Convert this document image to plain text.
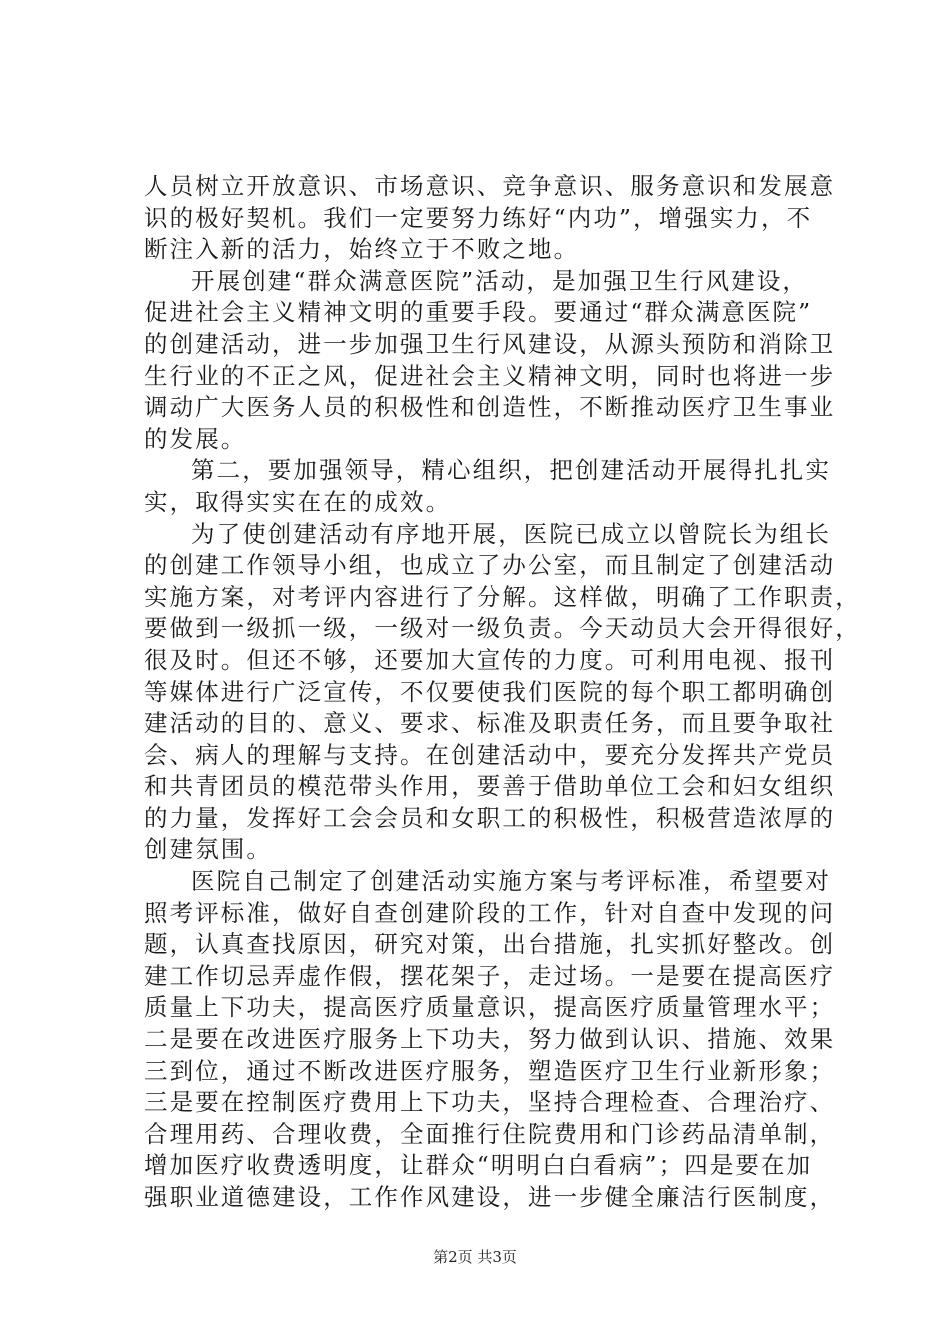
人员树立开放意识、市场意识、竞争意识、服务意识和发展意
识的极好契机。我们一定要努力练好“内功”，增强实力，不
断注入新的活力，始终立于不败之地。
开展创建“群众满意医院”活动，是加强卫生行风建设，
促进社会主义精神文明的重要手段。要通过“群众满意医院”
的创建活动，进一步加强卫生行风建设，从源头预防和消除卫
生行业的不正之风，促进社会主义精神文明，同时也将进一步
调动广大医务人员的积极性和创造性，不断推动医疗卫生事业
的发展。
第二，要加强领导，精心组织，把创建活动开展得扎扎实
实，取得实实在在的成效。
为了使创建活动有序地开展，医院已成立以曾院长为组长
的创建工作领导小组，也成立了办公室，而且制定了创建活动
实施方案，对考评内容进行了分解。这样做，明确了工作职责，
要做到一级抓一级，一级对一级负责。今天动员大会开得很好，
很及时。但还不够，还要加大宣传的力度。可利用电视、报刊
等媒体进行广泛宣传，不仅要使我们医院的每个职工都明确创
建活动的目的、意义、要求、标准及职责任务，而且要争取社
会、病人的理解与支持。在创建活动中，要充分发挥共产党员
和共青团员的模范带头作用，要善于借助单位工会和妇女组织
的力量，发挥好工会会员和女职工的积极性，积极营造浓厚的
创建氛围。
医院自己制定了创建活动实施方案与考评标准，希望要对
照考评标准，做好自查创建阶段的工作，针对自查中发现的问
题，认真查找原因，研究对策，出台措施，扎实抓好整改。创
建工作切忌弄虚作假，摆花架子，走过场。一是要在提高医疗
质量上下功夫，提高医疗质量意识，提高医疗质量管理水平；
二是要在改进医疗服务上下功夫，努力做到认识、措施、效果
三到位，通过不断改进医疗服务，塑造医疗卫生行业新形象；
三是要在控制医疗费用上下功夫，坚持合理检查、合理治疗、
合理用药、合理收费，全面推行住院费用和门诊药品清单制，
增加医疗收费透明度，让群众“明明白白看病”；四是要在加
强职业道德建设，工作作风建设，进一步健全廉洁行医制度，
第2页 共3页
